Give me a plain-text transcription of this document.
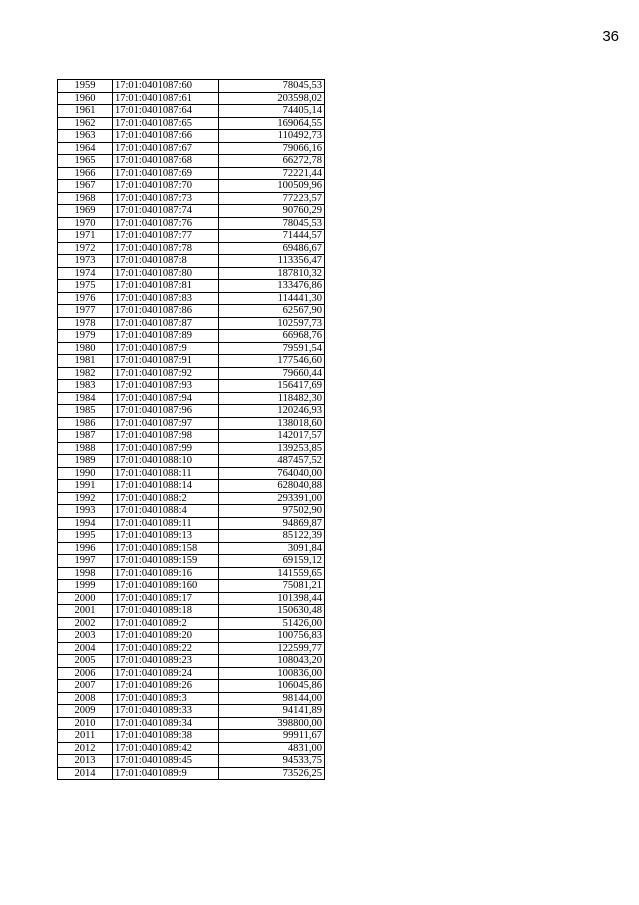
36
1959	17:01:0401087:60	78045,53
1960	17:01:0401087:61	203598,02
1961	17:01:0401087:64	74405,14
1962	17:01:0401087:65	169064,55
1963	17:01:0401087:66	110492,73
1964	17:01:0401087:67	79066,16
1965	17:01:0401087:68	66272,78
1966	17:01:0401087:69	72221,44
1967	17:01:0401087:70	100509,96
1968	17:01:0401087:73	77223,57
1969	17:01:0401087:74	90760,29
1970	17:01:0401087:76	78045,53
1971	17:01:0401087:77	71444,57
1972	17:01:0401087:78	69486,67
1973	17:01:0401087:8	113356,47
1974	17:01:0401087:80	187810,32
1975	17:01:0401087:81	133476,86
1976	17:01:0401087:83	114441,30
1977	17:01:0401087:86	62567,90
1978	17:01:0401087:87	102597,73
1979	17:01:0401087:89	66968,76
1980	17:01:0401087:9	79591,54
1981	17:01:0401087:91	177546,60
1982	17:01:0401087:92	79660,44
1983	17:01:0401087:93	156417,69
1984	17:01:0401087:94	118482,30
1985	17:01:0401087:96	120246,93
1986	17:01:0401087:97	138018,60
1987	17:01:0401087:98	142017,57
1988	17:01:0401087:99	139253,85
1989	17:01:0401088:10	487457,52
1990	17:01:0401088:11	764040,00
1991	17:01:0401088:14	628040,88
1992	17:01:0401088:2	293391,00
1993	17:01:0401088:4	97502,90
1994	17:01:0401089:11	94869,87
1995	17:01:0401089:13	85122,39
1996	17:01:0401089:158	3091,84
1997	17:01:0401089:159	69159,12
1998	17:01:0401089:16	141559,65
1999	17:01:0401089:160	75081,21
2000	17:01:0401089:17	101398,44
2001	17:01:0401089:18	150630,48
2002	17:01:0401089:2	51426,00
2003	17:01:0401089:20	100756,83
2004	17:01:0401089:22	122599,77
2005	17:01:0401089:23	108043,20
2006	17:01:0401089:24	100836,00
2007	17:01:0401089:26	106045,86
2008	17:01:0401089:3	98144,00
2009	17:01:0401089:33	94141,89
2010	17:01:0401089:34	398800,00
2011	17:01:0401089:38	99911,67
2012	17:01:0401089:42	4831,00
2013	17:01:0401089:45	94533,75
2014	17:01:0401089:9	73526,25
